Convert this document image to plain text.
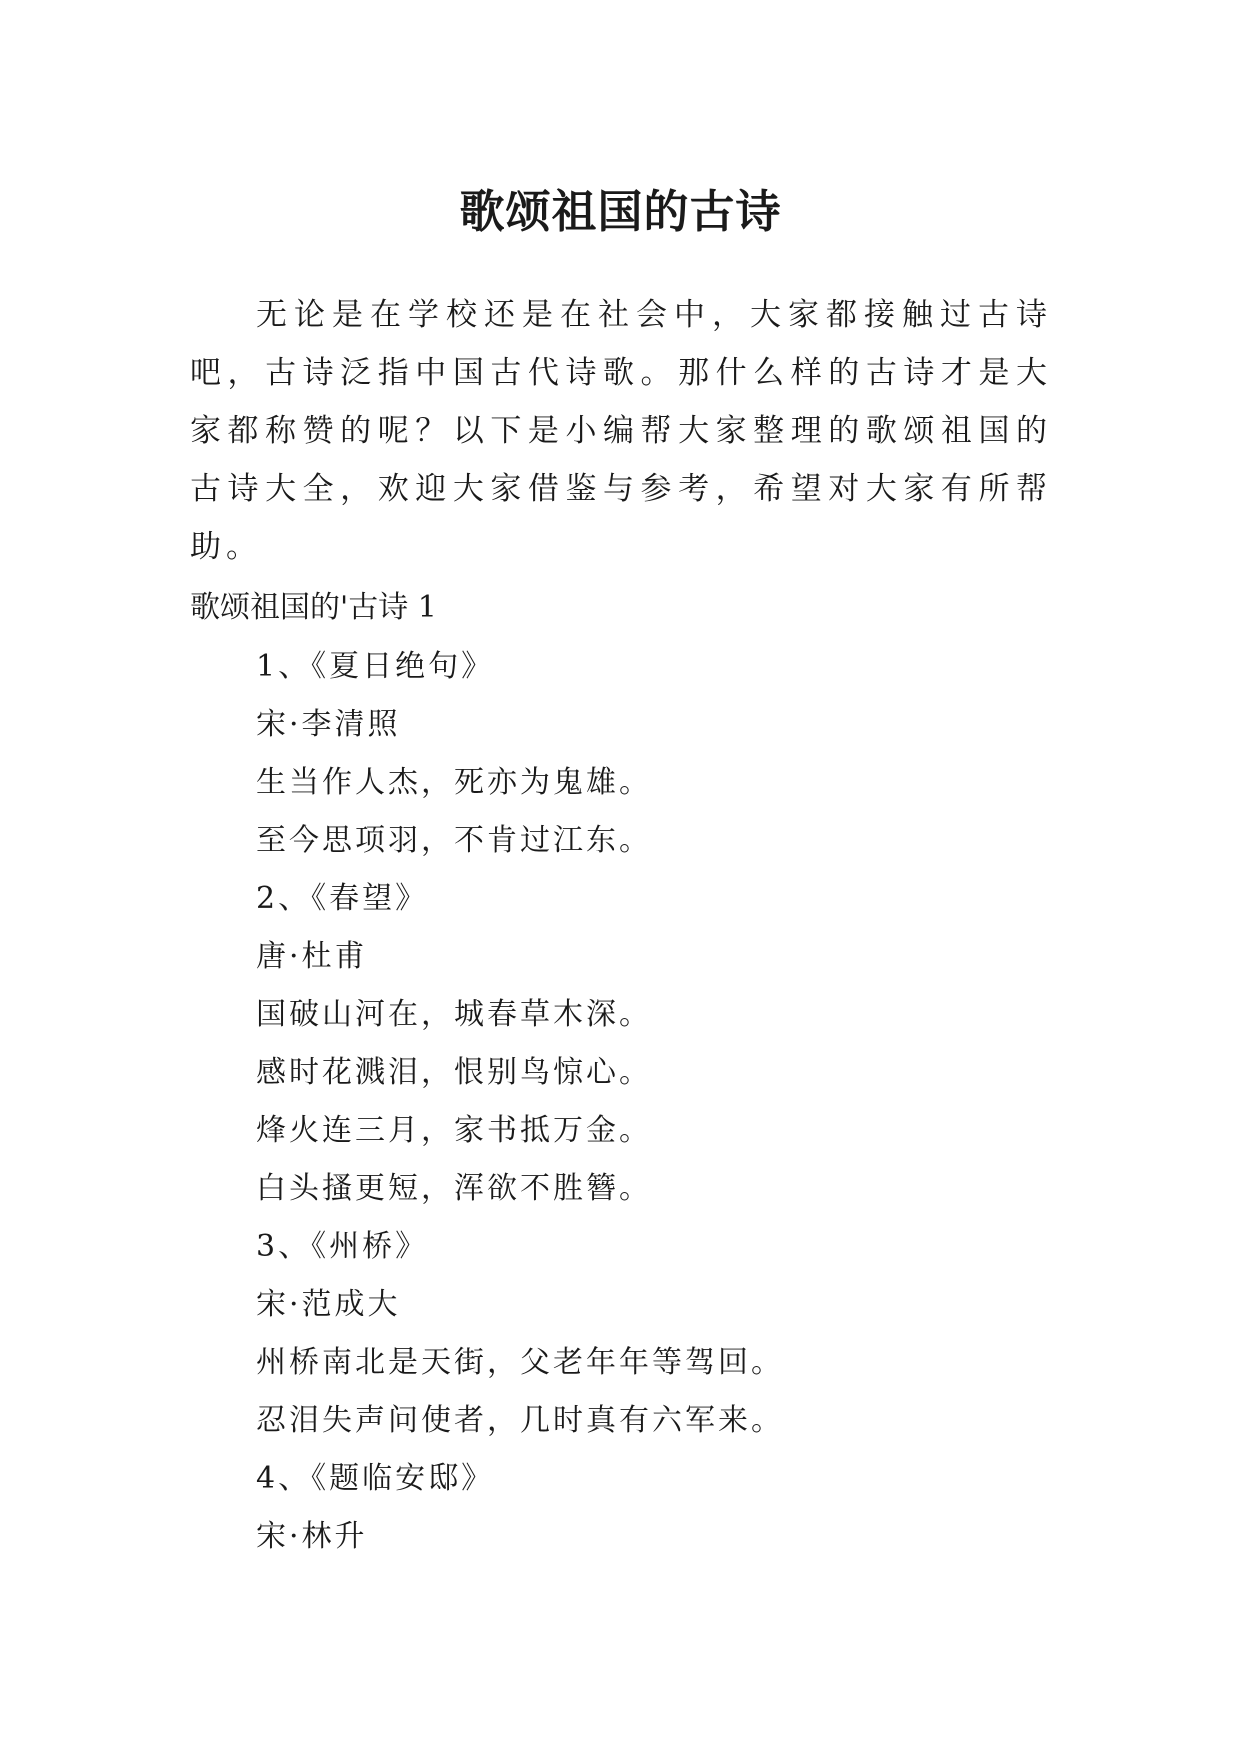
歌颂祖国的古诗

无论是在学校还是在社会中，大家都接触过古诗吧，古诗泛指中国古代诗歌。那什么样的古诗才是大家都称赞的呢？以下是小编帮大家整理的歌颂祖国的古诗大全，欢迎大家借鉴与参考，希望对大家有所帮助。

歌颂祖国的'古诗 1

1、《夏日绝句》
宋·李清照
生当作人杰，死亦为鬼雄。
至今思项羽，不肯过江东。
2、《春望》
唐·杜甫
国破山河在，城春草木深。
感时花溅泪，恨别鸟惊心。
烽火连三月，家书抵万金。
白头搔更短，浑欲不胜簪。
3、《州桥》
宋·范成大
州桥南北是天街，父老年年等驾回。
忍泪失声问使者，几时真有六军来。
4、《题临安邸》
宋·林升
